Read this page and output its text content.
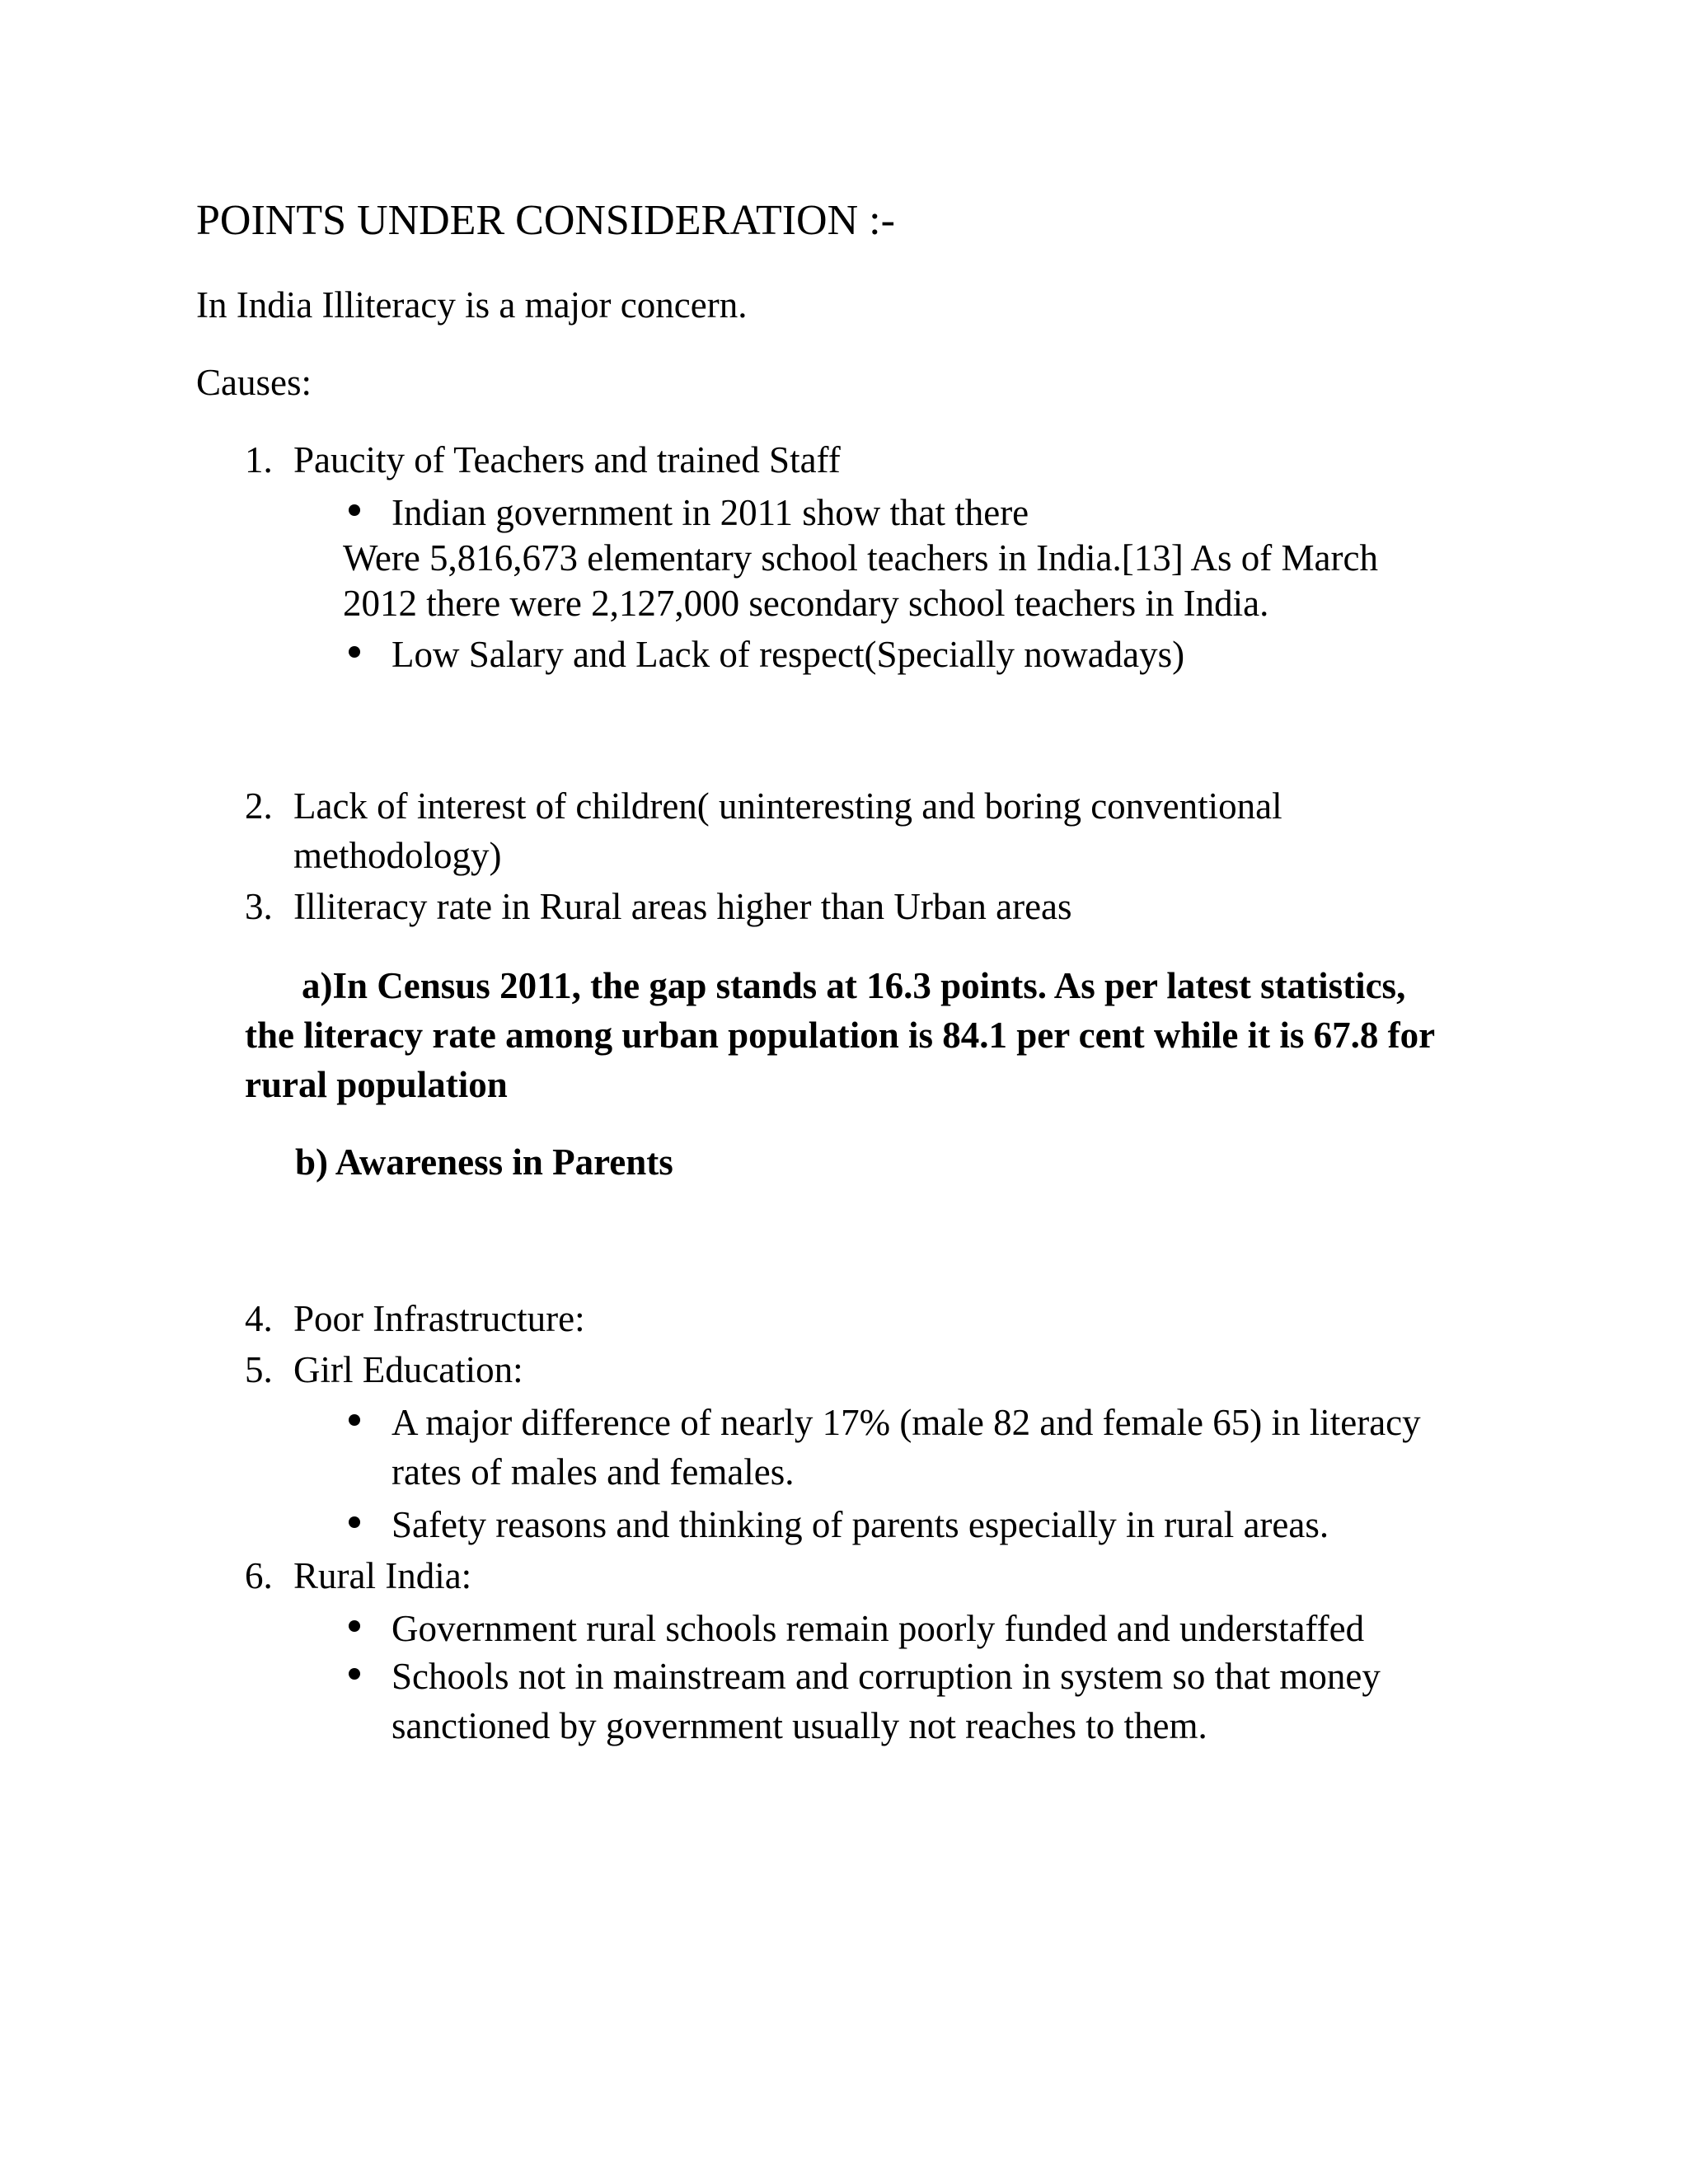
POINTS UNDER CONSIDERATION :-
In India Illiteracy is a major concern.
Causes:
1. Paucity of Teachers and trained Staff
Indian government in 2011 show that there
Were 5,816,673 elementary school teachers in India.[13] As of March
2012 there were 2,127,000 secondary school teachers in India.
Low Salary and Lack of respect(Specially nowadays)
2. Lack of interest of children( uninteresting and boring conventional
methodology)
3. Illiteracy rate in Rural areas higher than Urban areas
a)In Census 2011, the gap stands at 16.3 points. As per latest statistics,
the literacy rate among urban population is 84.1 per cent while it is 67.8 for
rural population
b) Awareness in Parents
4. Poor Infrastructure:
5. Girl Education:
A major difference of nearly 17% (male 82 and female 65) in literacy
rates of males and females.
Safety reasons and thinking of parents especially in rural areas.
6. Rural India:
Government rural schools remain poorly funded and understaffed
Schools not in mainstream and corruption in system so that money
sanctioned by government usually not reaches to them.
